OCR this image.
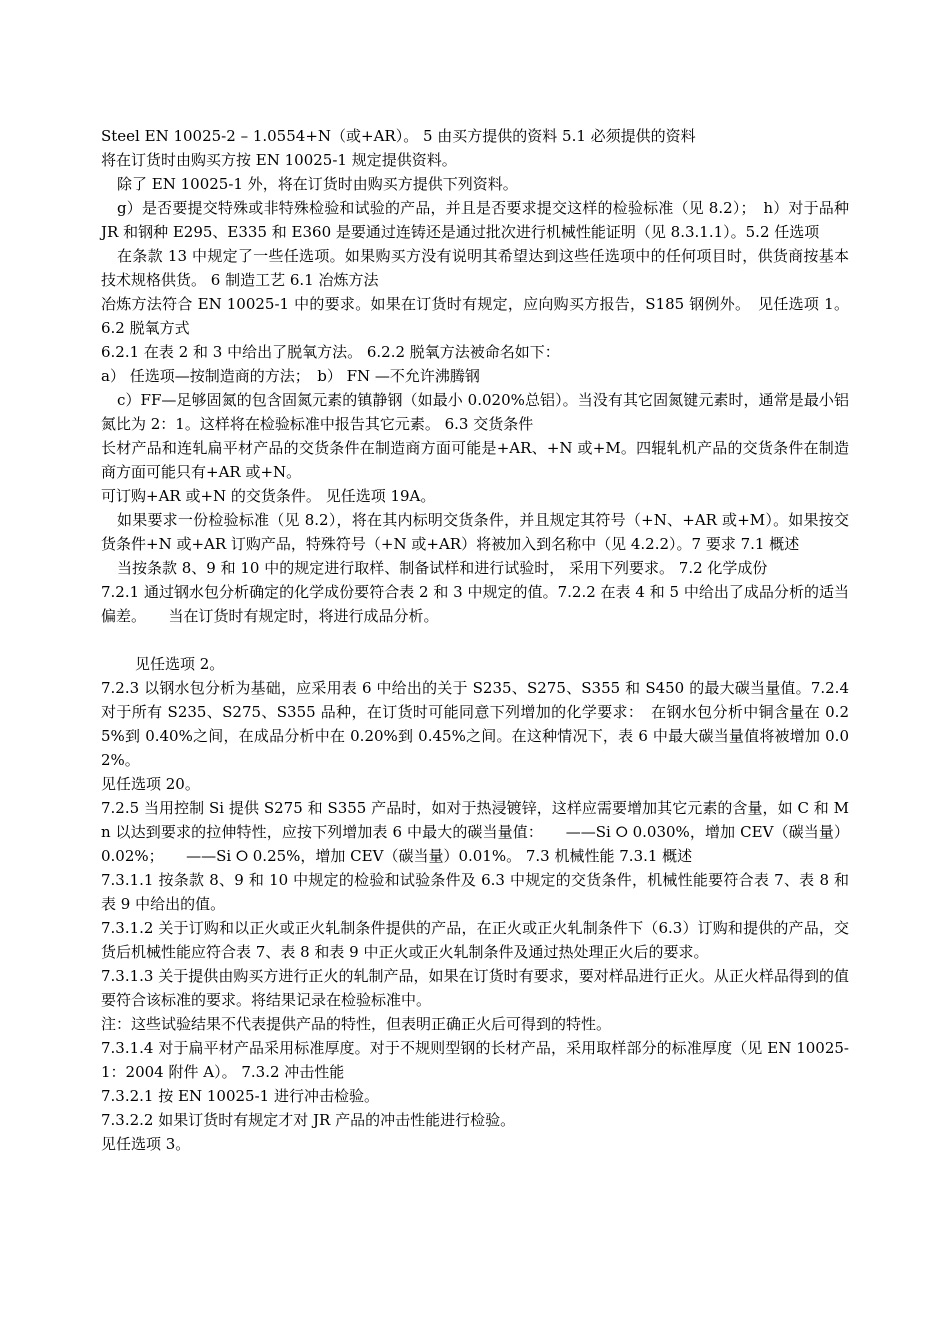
Steel EN 10025-2 – 1.0554+N（或+AR）。 5 由买方提供的资料 5.1 必须提供的资料

将在订货时由购买方按 EN 10025-1 规定提供资料。

除了 EN 10025-1 外，将在订货时由购买方提供下列资料。

g）是否要提交特殊或非特殊检验和试验的产品，并且是否要求提交这样的检验标准（见 8.2）；　h）对于品种 JR 和钢种 E295、E335 和 E360 是要通过连铸还是通过批次进行机械性能证明（见 8.3.1.1）。5.2 任选项

在条款 13 中规定了一些任选项。如果购买方没有说明其希望达到这些任选项中的任何项目时，供货商按基本技术规格供货。 6 制造工艺 6.1 冶炼方法

冶炼方法符合 EN 10025-1 中的要求。如果在订货时有规定，应向购买方报告，S185 钢例外。　见任选项 1。 6.2 脱氧方式

6.2.1 在表 2 和 3 中给出了脱氧方法。 6.2.2 脱氧方法被命名如下：

a） 任选项—按制造商的方法；　b） FN —不允许沸腾钢

c）FF—足够固氮的包含固氮元素的镇静钢（如最小 0.020%总铝）。当没有其它固氮键元素时，通常是最小铝氮比为 2：1。这样将在检验标准中报告其它元素。 6.3 交货条件

长材产品和连轧扁平材产品的交货条件在制造商方面可能是+AR、+N 或+M。四辊轧机产品的交货条件在制造商方面可能只有+AR 或+N。

可订购+AR 或+N 的交货条件。 见任选项 19A。

如果要求一份检验标准（见 8.2），将在其内标明交货条件，并且规定其符号（+N、+AR 或+M）。如果按交货条件+N 或+AR 订购产品，特殊符号（+N 或+AR）将被加入到名称中（见 4.2.2）。7 要求 7.1 概述

当按条款 8、9 和 10 中的规定进行取样、制备试样和进行试验时， 采用下列要求。 7.2 化学成份

7.2.1 通过钢水包分析确定的化学成份要符合表 2 和 3 中规定的值。7.2.2 在表 4 和 5 中给出了成品分析的适当偏差。　　当在订货时有规定时，将进行成品分析。

见任选项 2。

7.2.3 以钢水包分析为基础，应采用表 6 中给出的关于 S235、S275、S355 和 S450 的最大碳当量值。7.2.4 对于所有 S235、S275、S355 品种，在订货时可能同意下列增加的化学要求：　在钢水包分析中铜含量在 0.25%到 0.40%之间，在成品分析中在 0.20%到 0.45%之间。在这种情况下，表 6 中最大碳当量值将被增加 0.02%。

见任选项 20。

7.2.5 当用控制 Si 提供 S275 和 S355 产品时，如对于热浸镀锌，这样应需要增加其它元素的含量，如 C 和 Mn 以达到要求的拉伸特性，应按下列增加表 6 中最大的碳当量值：　　——Si ⭘ 0.030%，增加 CEV（碳当量）0.02%；　　——Si ⭘ 0.25%，增加 CEV（碳当量）0.01%。 7.3 机械性能 7.3.1 概述

7.3.1.1 按条款 8、9 和 10 中规定的检验和试验条件及 6.3 中规定的交货条件，机械性能要符合表 7、表 8 和表 9 中给出的值。

7.3.1.2 关于订购和以正火或正火轧制条件提供的产品，在正火或正火轧制条件下（6.3）订购和提供的产品，交货后机械性能应符合表 7、表 8 和表 9 中正火或正火轧制条件及通过热处理正火后的要求。

7.3.1.3 关于提供由购买方进行正火的轧制产品，如果在订货时有要求，要对样品进行正火。从正火样品得到的值要符合该标准的要求。将结果记录在检验标准中。

注：这些试验结果不代表提供产品的特性，但表明正确正火后可得到的特性。

7.3.1.4 对于扁平材产品采用标准厚度。对于不规则型钢的长材产品，采用取样部分的标准厚度（见 EN 10025-1：2004 附件 A）。 7.3.2 冲击性能

7.3.2.1 按 EN 10025-1 进行冲击检验。

7.3.2.2 如果订货时有规定才对 JR 产品的冲击性能进行检验。

见任选项 3。
